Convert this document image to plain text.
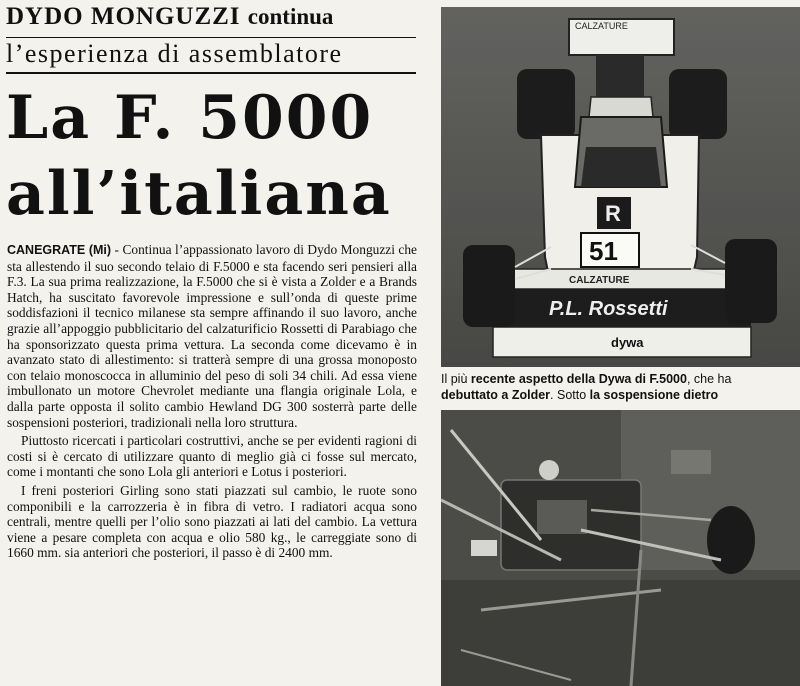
DYDO MONGUZZI continua
l’esperienza di assemblatore
La F. 5000
all’italiana

CANEGRATE (Mi) - Continua l’appassionato lavoro di Dydo Monguzzi che sta allestendo il suo secondo telaio di F.5000 e sta facendo seri pensieri alla F.3. La sua prima realizzazione, la F.5000 che si è vista a Zolder e a Brands Hatch, ha suscitato favorevole impressione e sull’onda di queste prime soddisfazioni il tecnico milanese sta sempre affinando il suo lavoro, anche grazie all’appoggio pubblicitario del calzaturificio Rossetti di Parabiago che ha sponsorizzato questa prima vettura. La seconda come dicevamo è in avanzato stato di allestimento: si tratterà sempre di una grossa monoposto con telaio monoscocca in alluminio del peso di soli 34 chili. Ad essa viene imbullonato un motore Chevrolet mediante una flangia originale Lola, e dalla parte opposta il solito cambio Hewland DG 300 sosterrà parte delle sospensioni posteriori, tradizionali nella loro struttura.

Piuttosto ricercati i particolari costruttivi, anche se per evidenti ragioni di costi si è cercato di utilizzare quanto di meglio già ci fosse sul mercato, come i montanti che sono Lola gli anteriori e Lotus i posteriori.

I freni posteriori Girling sono stati piazzati sul cambio, le ruote sono componibili e la carrozzeria è in fibra di vetro. I radiatori acqua sono centrali, mentre quelli per l’olio sono piazzati ai lati del cambio. La vettura viene a pesare completa con acqua e olio 580 kg., le carreggiate sono di 1660 mm. sia anteriori che posteriori, il passo è di 2400 mm.

CALZATURE
R
51
CALZATURE
P.L. Rossetti
dywa
Il più recente aspetto della Dywa di F.5000, che ha
debuttato a Zolder. Sotto la sospensione dietro
